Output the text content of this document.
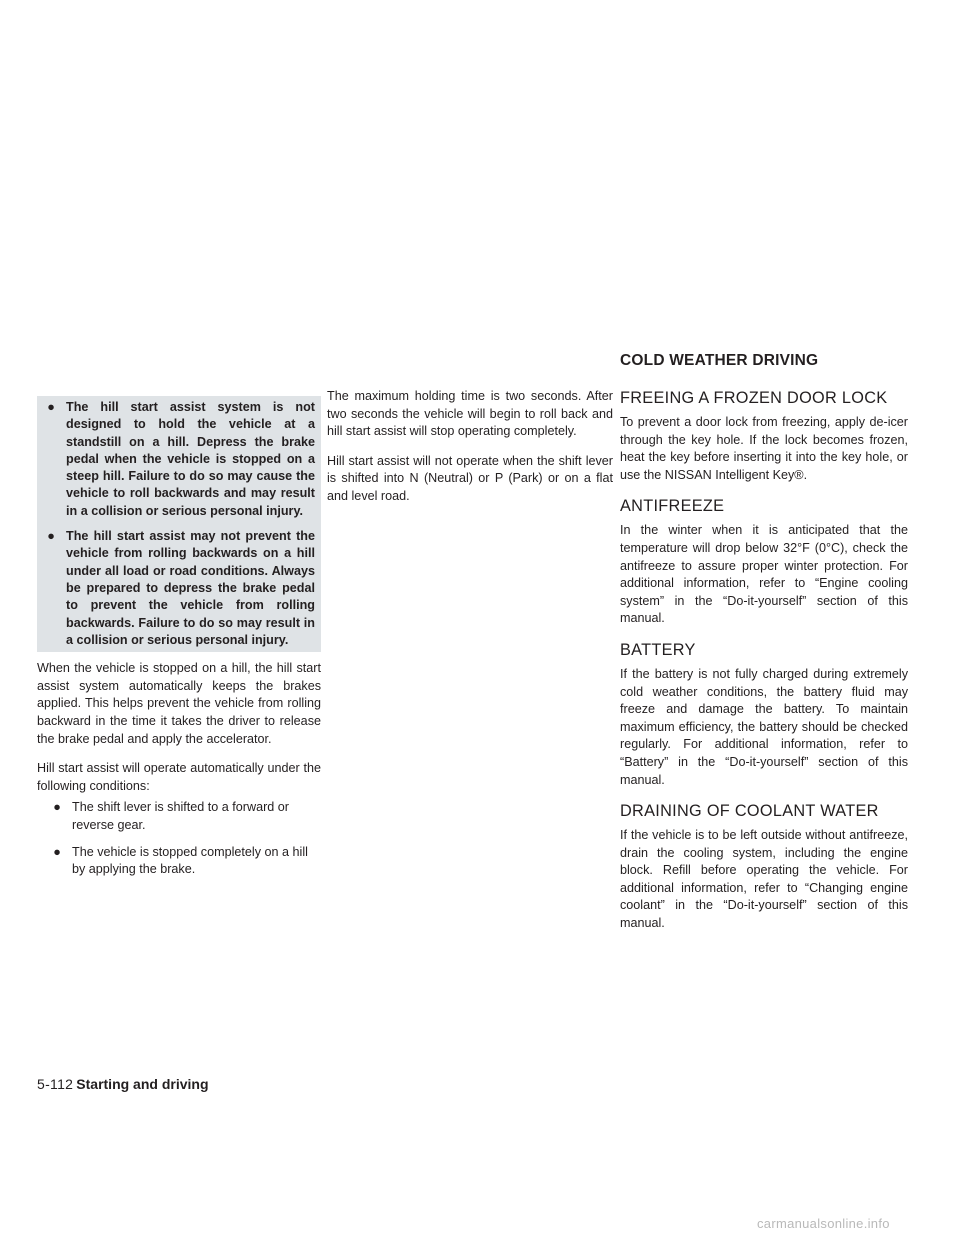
COLD WEATHER DRIVING
● The hill start assist system is not designed to hold the vehicle at a standstill on a hill. Depress the brake pedal when the vehicle is stopped on a steep hill. Failure to do so may cause the vehicle to roll backwards and may result in a collision or serious personal injury.
● The hill start assist may not prevent the vehicle from rolling backwards on a hill under all load or road conditions. Always be prepared to depress the brake pedal to prevent the vehicle from rolling backwards. Failure to do so may result in a collision or serious personal injury.

When the vehicle is stopped on a hill, the hill start assist system automatically keeps the brakes applied. This helps prevent the vehicle from rolling backward in the time it takes the driver to release the brake pedal and apply the accelerator.

Hill start assist will operate automatically under the following conditions:

● The shift lever is shifted to a forward or reverse gear.
● The vehicle is stopped completely on a hill by applying the brake.

The maximum holding time is two seconds. After two seconds the vehicle will begin to roll back and hill start assist will stop operating completely.

Hill start assist will not operate when the shift lever is shifted into N (Neutral) or P (Park) or on a flat and level road.

FREEING A FROZEN DOOR LOCK

To prevent a door lock from freezing, apply de-icer through the key hole. If the lock becomes frozen, heat the key before inserting it into the key hole, or use the NISSAN Intelligent Key®.

ANTIFREEZE

In the winter when it is anticipated that the temperature will drop below 32°F (0°C), check the antifreeze to assure proper winter protection. For additional information, refer to “Engine cooling system” in the “Do-it-yourself” section of this manual.

BATTERY

If the battery is not fully charged during extremely cold weather conditions, the battery fluid may freeze and damage the battery. To maintain maximum efficiency, the battery should be checked regularly. For additional information, refer to “Battery” in the “Do-it-yourself” section of this manual.

DRAINING OF COOLANT WATER

If the vehicle is to be left outside without antifreeze, drain the cooling system, including the engine block. Refill before operating the vehicle. For additional information, refer to “Changing engine coolant” in the “Do-it-yourself” section of this manual.

5-112 Starting and driving
carmanualsonline.info
